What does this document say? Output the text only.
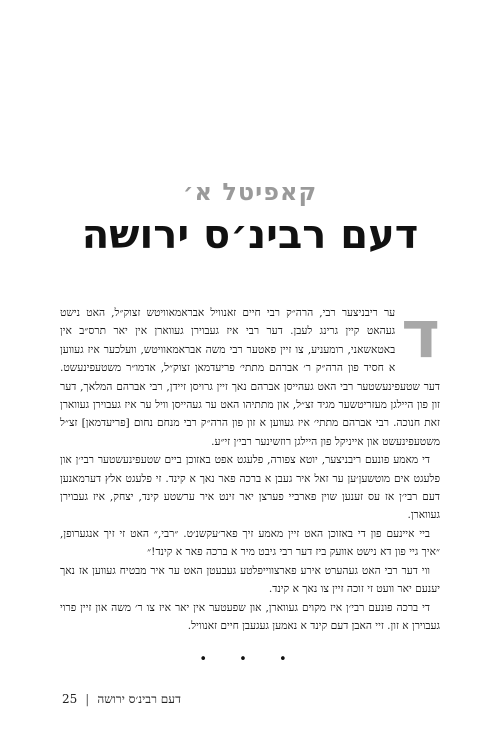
קאפיטל א׳
דעם רבינ׳ס ירושה

ד
ער ריבניצער רבי, הרה״ק רבי חיים זאנוויל אבראמאוויטש זצוק״ל, האט נישט געהאט קיין גרינג לעבן. דער רבי איז געבוירן געווארן אין יאר תרס״ב אין באטאשאני, רומעניע, צו זיין פאטער רבי משה אבראמאוויטש, וועלכער איז געווען א חסיד פון הרה״ק ר׳ אברהם מתתי׳ פריעדמאן זצוק״ל, אדמו״ר משטעפינעשט. דער שטעפינעשטער רבי האט געהייסן אברהם נאך זיין גרויסן זיידן, רבי אברהם המלאך, דער זון פון היילגן מעזריטשער מגיד זצ״ל, און מתתיהו האט ער געהייסן וויל ער איז געבוירן געווארן זאת חנוכה. רבי אברהם מתתי׳ איז געווען א זון פון הרה״ק רבי מנחם נחום [פריעדמאן] זצ״ל משטעפינעשט און אייניקל פון היילגן רוזשינער רבי׳ן זי״ע.

די מאמע פונעם ריבניצער, יוטא צפורה, פלעגט אפט באזוכן ביים שטעפינעשטער רבי׳ן און פלעגט אים מוטשען׳ען ער זאל איר געבן א ברכה פאר נאך א קינד. זי פלעגט אלץ דערמאנען דעם רבי׳ן אז עס זענען שוין פארביי פערצן יאר זינט איר ערשטע קינד, יצחק, איז געבוירן געווארן.

ביי איינעם פון די באזוכן האט זיין מאמע זיך פאר׳עקשנ׳ט. ״רבי,״ האט זי זיך אנגערופן, ״איך גיי פון דא נישט אוועק ביז דער רבי גיבט מיר א ברכה פאר א קינד!״

ווי דער רבי האט געהערט אירע פארצווייפלטע געבעטן האט ער איר מבטיח געווען אז נאך יענעם יאר וועט זי זוכה זיין צו נאך א קינד.

די ברכה פונעם רבי׳ן איז מקוים געווארן, און שפעטער אין יאר איז צו ר׳ משה און זיין פרוי געבוירן א זון. זיי האבן דעם קינד א נאמען געגעבן חיים זאנוויל.

• • •
25 | דעם רבינ׳ס ירושה
